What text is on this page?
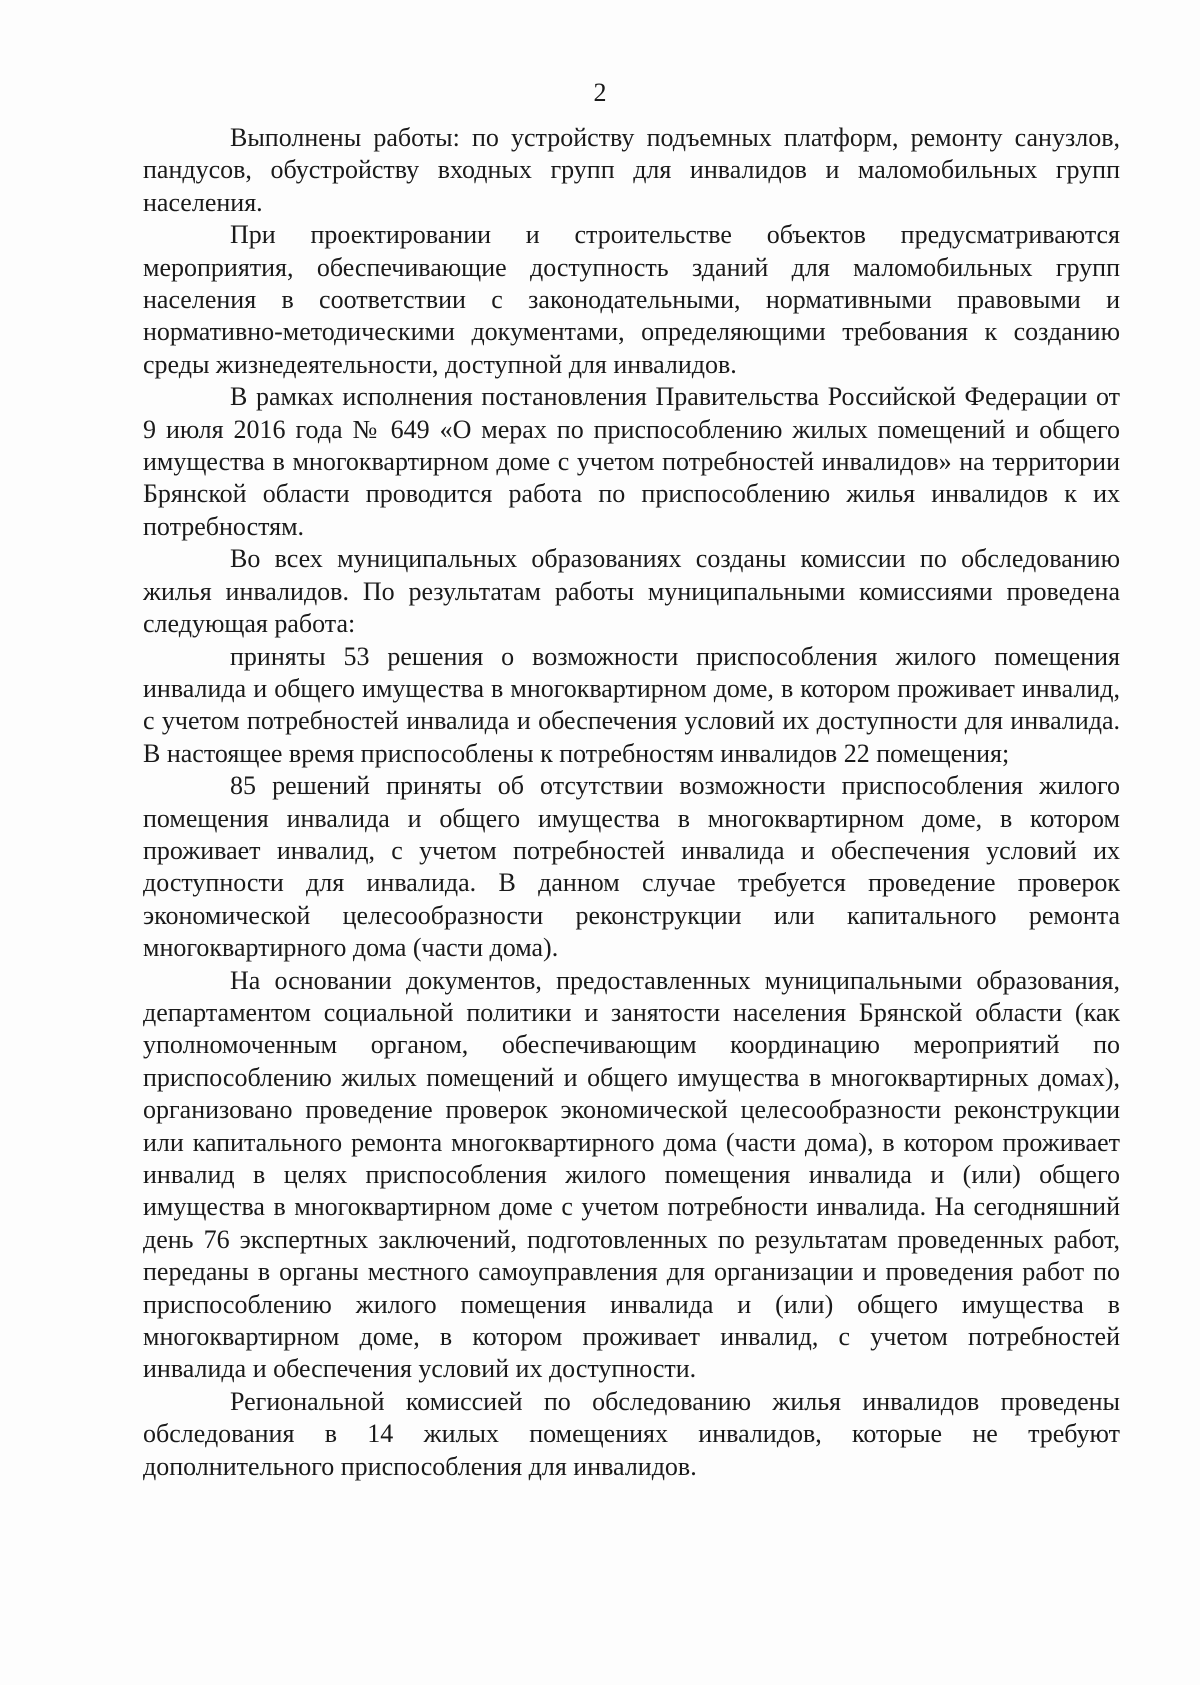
2

Выполнены работы: по устройству подъемных платформ, ремонту санузлов, пандусов, обустройству входных групп для инвалидов и маломобильных групп населения.

При проектировании и строительстве объектов предусматриваются мероприятия, обеспечивающие доступность зданий для маломобильных групп населения в соответствии с законодательными, нормативными правовыми и нормативно-методическими документами, определяющими требования к созданию среды жизнедеятельности, доступной для инвалидов.

В рамках исполнения постановления Правительства Российской Федерации от 9 июля 2016 года № 649 «О мерах по приспособлению жилых помещений и общего имущества в многоквартирном доме с учетом потребностей инвалидов» на территории Брянской области проводится работа по приспособлению жилья инвалидов к их потребностям.

Во всех муниципальных образованиях созданы комиссии по обследованию жилья инвалидов. По результатам работы муниципальными комиссиями проведена следующая работа:

приняты 53 решения о возможности приспособления жилого помещения инвалида и общего имущества в многоквартирном доме, в котором проживает инвалид, с учетом потребностей инвалида и обеспечения условий их доступности для инвалида. В настоящее время приспособлены к потребностям инвалидов 22 помещения;

85 решений приняты об отсутствии возможности приспособления жилого помещения инвалида и общего имущества в многоквартирном доме, в котором проживает инвалид, с учетом потребностей инвалида и обеспечения условий их доступности для инвалида. В данном случае требуется проведение проверок экономической целесообразности реконструкции или капитального ремонта многоквартирного дома (части дома).

На основании документов, предоставленных муниципальными образования, департаментом социальной политики и занятости населения Брянской области (как уполномоченным органом, обеспечивающим координацию мероприятий по приспособлению жилых помещений и общего имущества в многоквартирных домах), организовано проведение проверок экономической целесообразности реконструкции или капитального ремонта многоквартирного дома (части дома), в котором проживает инвалид в целях приспособления жилого помещения инвалида и (или) общего имущества в многоквартирном доме с учетом потребности инвалида. На сегодняшний день 76 экспертных заключений, подготовленных по результатам проведенных работ, переданы в органы местного самоуправления для организации и проведения работ по приспособлению жилого помещения инвалида и (или) общего имущества в многоквартирном доме, в котором проживает инвалид, с учетом потребностей инвалида и обеспечения условий их доступности.

Региональной комиссией по обследованию жилья инвалидов проведены обследования в 14 жилых помещениях инвалидов, которые не требуют дополнительного приспособления для инвалидов.
